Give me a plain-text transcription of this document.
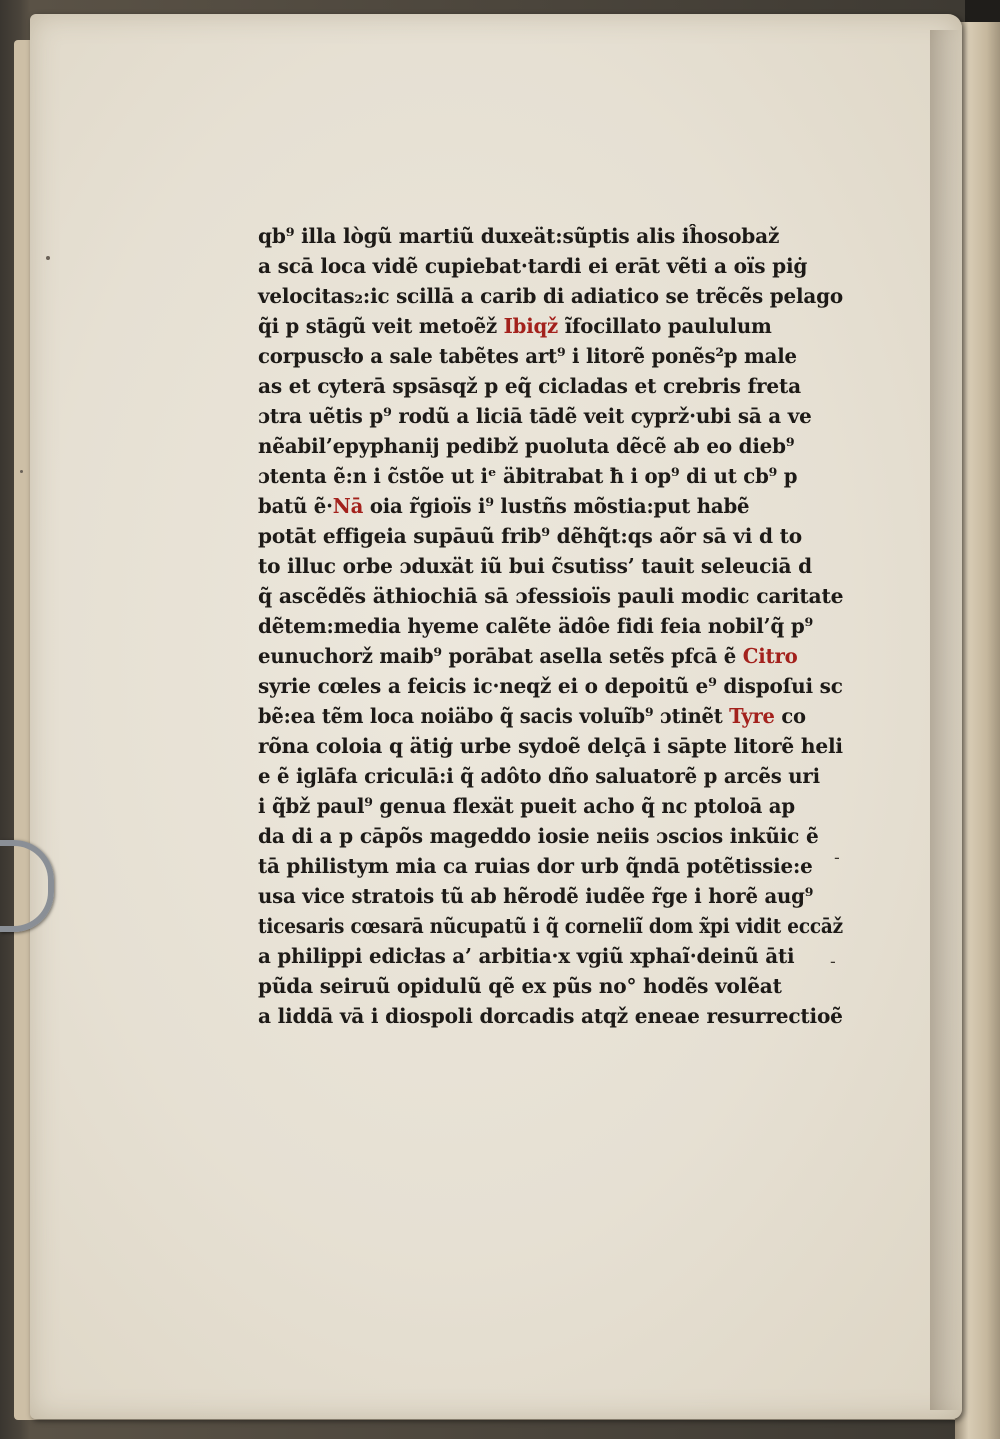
qb⁹ illa lògũ martiũ duxeät:sũptis alis iĥosobaž
a scā loca vidẽ cupiebat·tardi ei erāt vẽti a oïs piġ
velocitas₂:ic scillā a carib di adiatico se trẽcẽs pelago
q̃i p stāgũ veit metoẽž Ibiqž ĩfocillato paululum
corpuscło a sale tabẽtes art⁹ i litorẽ ponẽs²p male
as et cyterā spsāsqž p eq̃ cicladas et crebris freta
ɔtra uẽtis p⁹ rodũ a liciā tādẽ veit cyprž·ubi sā a ve
nẽabil’epyphanij pedibž puoluta dẽcẽ ab eo dieb⁹
ɔtenta ẽ:n i c̃stõe ut iᵉ äbitrabat ħ i op⁹ di ut cb⁹ p
batũ ẽ·Nā oia r̃gioïs i⁹ lustñs mõstia:put habẽ
potāt effigeia supāuũ frib⁹ dẽhq̃t:qs aõr sā vi d to
to illuc orbe ɔduxät iũ bui c̃sutiss’ tauit seleuciā d
q̃ ascẽdẽs äthiochiā sā ɔfessioïs pauli modic caritate
dẽtem:media hyeme calẽte ädôe fidi feia nobil’q̃ p⁹
eunuchorž maib⁹ porābat asella setẽs pfcā ẽ Citro
syrie cœles a feicis ic·neqž ei o depoitũ e⁹ dispoſui sc
bẽ:ea tẽm loca noiäbo q̃ sacis voluĩb⁹ ɔtinẽt Tyre co
rõna coloia q ätiġ urbe sydoẽ delçā i sāpte litorẽ heli
e ẽ iglāfa criculā:i q̃ adôto dño saluatorẽ p arcẽs uri
i q̃bž paul⁹ genua flexät pueit acho q̃ nc ptoloā ap
da di a p cāpõs mageddo iosie neiis ɔscios inkũic ẽ
tā philistym mia ca ruias dor urb q̃ndā potẽtissie:e
usa vice stratois tũ ab hẽrodẽ iudẽe r̃ge i horẽ aug⁹
ticesaris cœsarā nũcupatũ i q̃ corneliĩ dom x̃pi vidit eccāž
a philippi edicłas a’ arbitia·x vgiũ xphaĩ·deinũ āti
pũda seiruũ opidulũ qẽ ex pũs no° hodẽs volẽat
a liddā vā i diospoli dorcadis atqž eneae resurrectioẽ
‐
‐
